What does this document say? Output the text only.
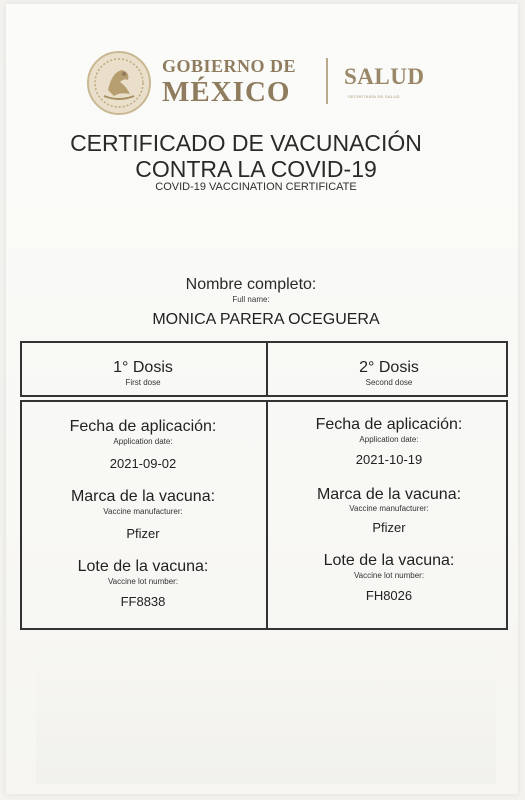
GOBIERNO DE
MÉXICO SALUD
SECRETARÍA DE SALUD
CERTIFICADO DE VACUNACIÓN
CONTRA LA COVID-19
COVID-19 VACCINATION CERTIFICATE
Nombre completo:
Full name:
MONICA PARERA OCEGUERA
1° Dosis
First dose
2° Dosis
Second dose
Fecha de aplicación:
Application date:
2021-09-02
Marca de la vacuna:
Vaccine manufacturer:
Pfizer
Lote de la vacuna:
Vaccine lot number:
FF8838
Fecha de aplicación:
Application date:
2021-10-19
Marca de la vacuna:
Vaccine manufacturer:
Pfizer
Lote de la vacuna:
Vaccine lot number:
FH8026
